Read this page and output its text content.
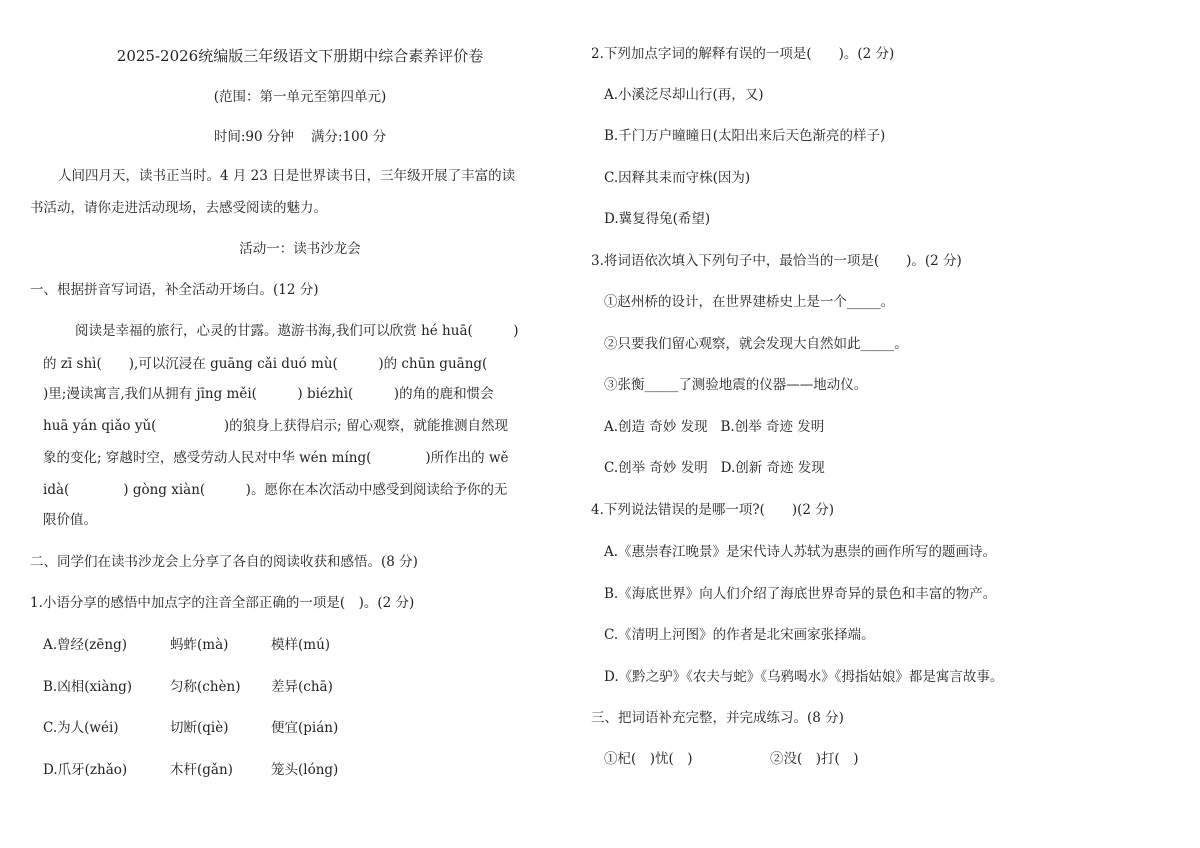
2025-2026统编版三年级语文下册期中综合素养评价卷
(范围：第一单元至第四单元)
时间:90 分钟    满分:100 分
人间四月天，读书正当时。4 月 23 日是世界读书日，三年级开展了丰富的读
书活动，请你走进活动现场，去感受阅读的魅力。
活动一：读书沙龙会
一、根据拼音写词语，补全活动开场白。(12 分)
阅读是幸福的旅行，心灵的甘露。遨游书海,我们可以欣赏 hé huā(　　　)
的 zī shì(　　),可以沉浸在 guāng cǎi duó mù(　　　)的 chūn guāng(
)里;漫读寓言,我们从拥有 jīng měi(　　　) biézhì(　　　)的角的鹿和惯会
huā yán qiǎo yǔ(　　　　　)的狼身上获得启示; 留心观察，就能推测自然现
象的变化; 穿越时空，感受劳动人民对中华 wén míng(　　　　)所作出的 wě
idà(　　　　) gòng xiàn(　　　)。愿你在本次活动中感受到阅读给予你的无
限价值。
二、同学们在读书沙龙会上分享了各自的阅读收获和感悟。(8 分)
1.小语分享的感悟中加点字的注音全部正确的一项是(　)。(2 分)
A.曾经(zēng)	蚂蚱(mà)	模样(mú)
B.凶相(xiàng)	匀称(chèn) 差异(chā)
C.为人(wéi)	切断(qiè)	便宜(pián)
D.爪牙(zhǎo)	木杆(gǎn)	笼头(lóng)
2.下列加点字词的解释有误的一项是(　　)。(2 分)
A.小溪泛尽却山行(再，又)
B.千门万户曈曈日(太阳出来后天色渐亮的样子)
C.因释其耒而守株(因为)
D.冀复得兔(希望)
3.将词语依次填入下列句子中，最恰当的一项是(　　)。(2 分)
①赵州桥的设计，在世界建桥史上是一个_____。
②只要我们留心观察，就会发现大自然如此_____。
③张衡_____了测验地震的仪器——地动仪。
A.创造 奇妙 发现   B.创举 奇迹 发明
C.创举 奇妙 发明   D.创新 奇迹 发现
4.下列说法错误的是哪一项?(　　)(2 分)
A.《惠崇春江晚景》是宋代诗人苏轼为惠崇的画作所写的题画诗。
B.《海底世界》向人们介绍了海底世界奇异的景色和丰富的物产。
C.《清明上河图》的作者是北宋画家张择端。
D.《黔之驴》《农夫与蛇》《乌鸦喝水》《拇指姑娘》都是寓言故事。
三、把词语补充完整，并完成练习。(8 分)
①杞(　)忧(　)	②没(　)打(　)
